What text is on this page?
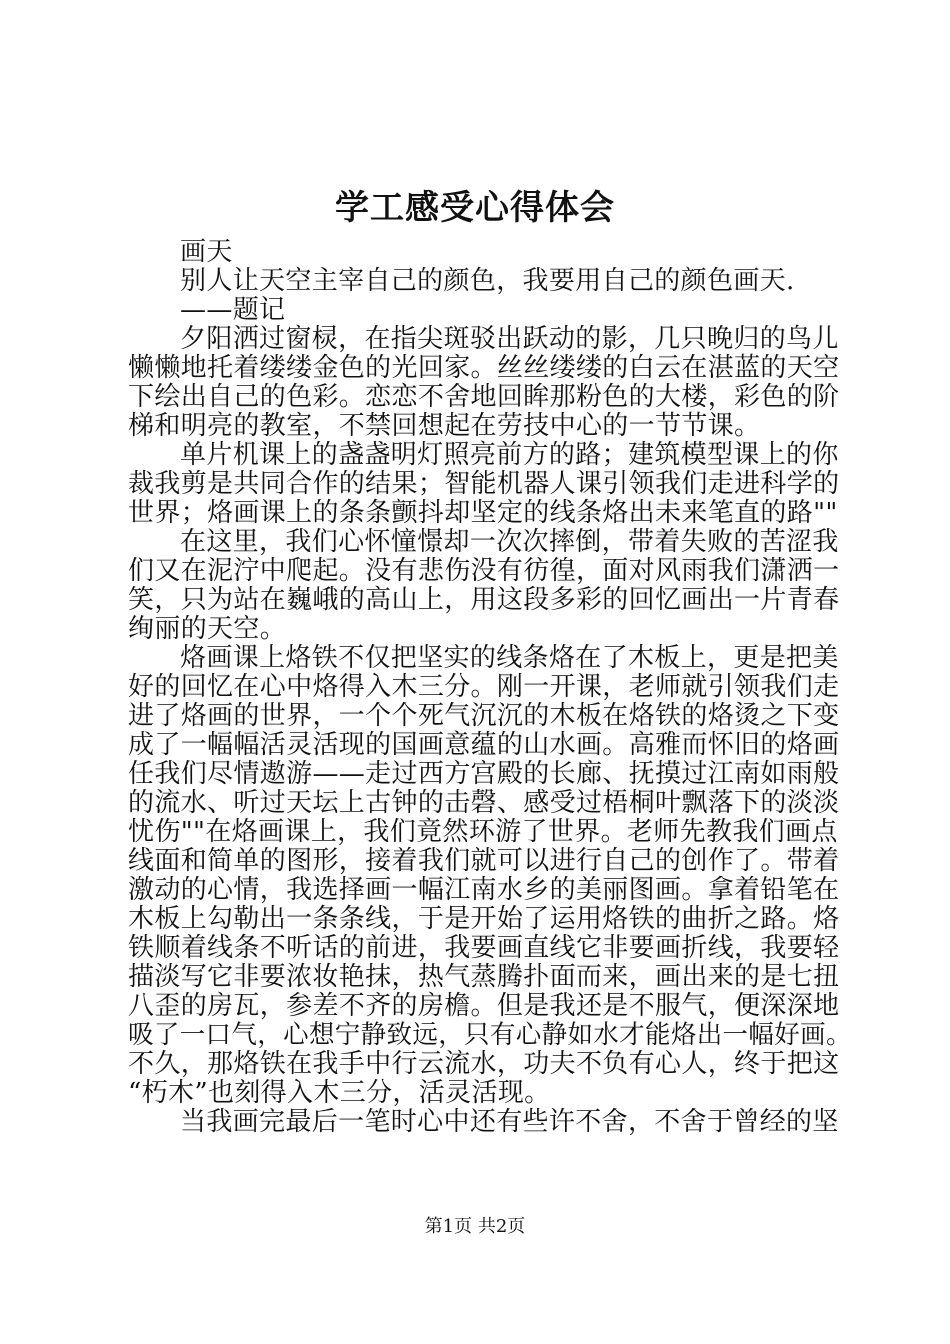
学工感受心得体会
画天
别人让天空主宰自己的颜色，我要用自己的颜色画天.
——题记
夕阳洒过窗棂，在指尖斑驳出跃动的影，几只晚归的鸟儿
懒懒地托着缕缕金色的光回家。丝丝缕缕的白云在湛蓝的天空
下绘出自己的色彩。恋恋不舍地回眸那粉色的大楼，彩色的阶
梯和明亮的教室，不禁回想起在劳技中心的一节节课。
单片机课上的盏盏明灯照亮前方的路；建筑模型课上的你
裁我剪是共同合作的结果；智能机器人课引领我们走进科学的
世界；烙画课上的条条颤抖却坚定的线条烙出未来笔直的路""
在这里，我们心怀憧憬却一次次摔倒，带着失败的苦涩我
们又在泥泞中爬起。没有悲伤没有彷徨，面对风雨我们潇洒一
笑，只为站在巍峨的高山上，用这段多彩的回忆画出一片青春
绚丽的天空。
烙画课上烙铁不仅把坚实的线条烙在了木板上，更是把美
好的回忆在心中烙得入木三分。刚一开课，老师就引领我们走
进了烙画的世界，一个个死气沉沉的木板在烙铁的烙烫之下变
成了一幅幅活灵活现的国画意蕴的山水画。高雅而怀旧的烙画
任我们尽情遨游——走过西方宫殿的长廊、抚摸过江南如雨般
的流水、听过天坛上古钟的击磬、感受过梧桐叶飘落下的淡淡
忧伤""在烙画课上，我们竟然环游了世界。老师先教我们画点
线面和简单的图形，接着我们就可以进行自己的创作了。带着
激动的心情，我选择画一幅江南水乡的美丽图画。拿着铅笔在
木板上勾勒出一条条线，于是开始了运用烙铁的曲折之路。烙
铁顺着线条不听话的前进，我要画直线它非要画折线，我要轻
描淡写它非要浓妆艳抹，热气蒸腾扑面而来，画出来的是七扭
八歪的房瓦，参差不齐的房檐。但是我还是不服气，便深深地
吸了一口气，心想宁静致远，只有心静如水才能烙出一幅好画。
不久，那烙铁在我手中行云流水，功夫不负有心人，终于把这
“朽木”也刻得入木三分，活灵活现。
当我画完最后一笔时心中还有些许不舍，不舍于曾经的坚
第1页 共2页
